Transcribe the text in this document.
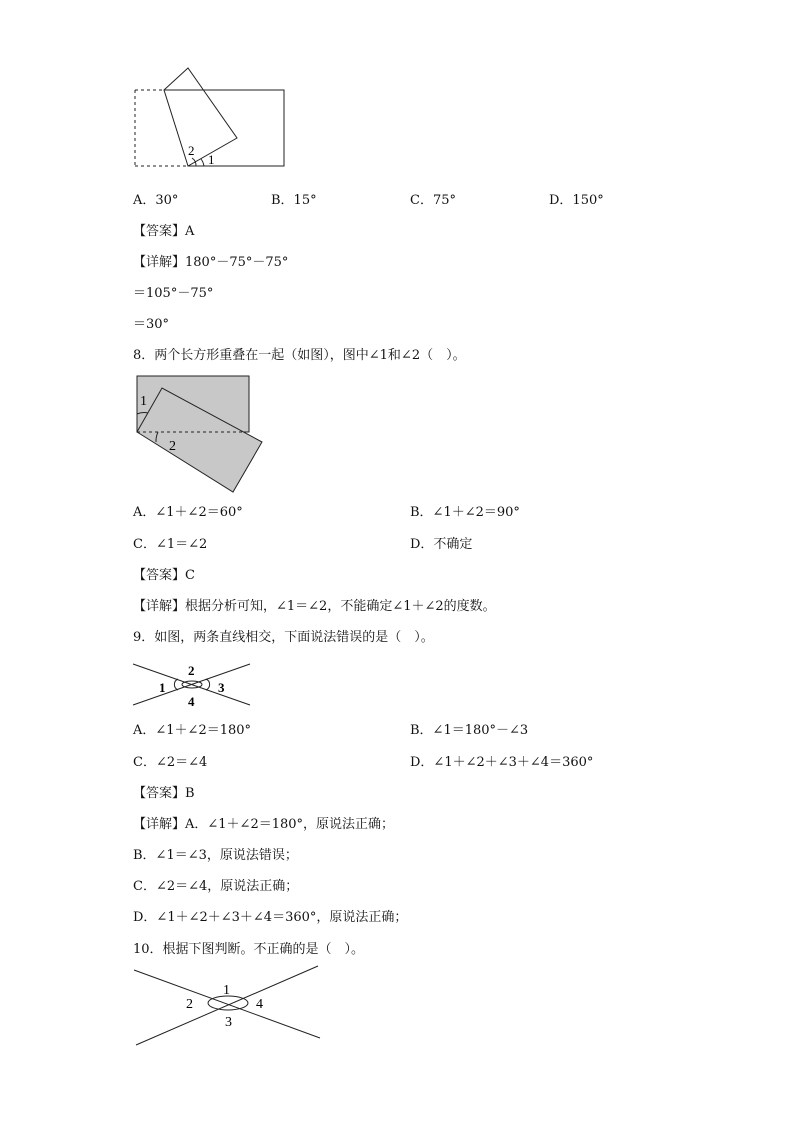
2
1
A．30°	B．15°	C．75°	D．150°
【答案】A
【详解】180°－75°－75°
＝105°－75°
＝30°
8．两个长方形重叠在一起（如图），图中∠1和∠2（　）。
1
2
A．∠1＋∠2＝60°	B．∠1＋∠2＝90°
C．∠1＝∠2	D．不确定
【答案】C
【详解】根据分析可知，∠1＝∠2，不能确定∠1＋∠2的度数。
9．如图，两条直线相交，下面说法错误的是（　）。
2
1	3
4
A．∠1＋∠2＝180°	B．∠1＝180°－∠3
C．∠2＝∠4	D．∠1＋∠2＋∠3＋∠4＝360°
【答案】B
【详解】A．∠1＋∠2＝180°，原说法正确；
B．∠1＝∠3，原说法错误；
C．∠2＝∠4，原说法正确；
D．∠1＋∠2＋∠3＋∠4＝360°，原说法正确；
10．根据下图判断。不正确的是（　）。
1
2
3
4
